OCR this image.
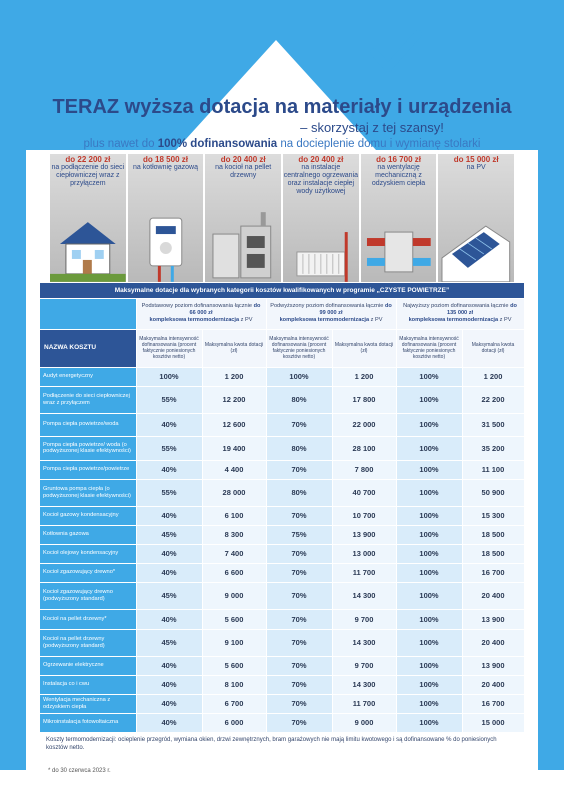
TERAZ wyższa dotacja na materiały i urządzenia
– skorzystaj z tej szansy!
plus nawet do 100% dofinansowania na docieplenie domu i wymianę stolarki
do 22 200 zł
na podłączenie do sieci ciepłowniczej wraz z przyłączem
do 18 500 zł
na kotłownię gazową
do 20 400 zł
na kocioł na pellet drzewny
do 20 400 zł
na instalacje centralnego ogrzewania oraz instalacje ciepłej wody użytkowej
do 16 700 zł
na wentylację mechaniczną z odzyskiem ciepła
do 15 000 zł
na PV
Maksymalne dotacje dla wybranych kategorii kosztów kwalifikowanych w programie „CZYSTE POWIETRZE”
	Podstawowy poziom dofinansowania łącznie do 66 000 zł
kompleksowa termomodernizacja z PV		Podwyższony poziom dofinansowania łącznie do 99 000 zł
kompleksowa termomodernizacja z PV		Najwyższy poziom dofinansowania łącznie do 135 000 zł
kompleksowa termomodernizacja z PV	
NAZWA KOSZTU	Maksymalna intensywność dofinansowania (procent faktycznie poniesionych kosztów netto)	Maksymalna kwota dotacji (zł)	Maksymalna intensywność dofinansowania (procent faktycznie poniesionych kosztów netto)	Maksymalna kwota dotacji (zł)	Maksymalna intensywność dofinansowania (procent faktycznie poniesionych kosztów netto)	Maksymalna kwota dotacji (zł)
Audyt energetyczny	100%	1 200	100%	1 200	100%	1 200
Podłączenie do sieci ciepłowniczej wraz z przyłączem	55%	12 200	80%	17 800	100%	22 200
Pompa ciepła powietrze/woda	40%	12 600	70%	22 000	100%	31 500
Pompa ciepła powietrze/ woda (o podwyższonej klasie efektywności)	55%	19 400	80%	28 100	100%	35 200
Pompa ciepła powietrze/powietrze	40%	4 400	70%	7 800	100%	11 100
Gruntowa pompa ciepła (o podwyższonej klasie efektywności)	55%	28 000	80%	40 700	100%	50 900
Kocioł gazowy kondensacyjny	40%	6 100	70%	10 700	100%	15 300
Kotłownia gazowa	45%	8 300	75%	13 900	100%	18 500
Kocioł olejowy kondensacyjny	40%	7 400	70%	13 000	100%	18 500
Kocioł zgazowujący drewno*	40%	6 600	70%	11 700	100%	16 700
Kocioł zgazowujący drewno (podwyższony standard)	45%	9 000	70%	14 300	100%	20 400
Kocioł na pellet drzewny*	40%	5 600	70%	9 700	100%	13 900
Kocioł na pellet drzewny (podwyższony standard)	45%	9 100	70%	14 300	100%	20 400
Ogrzewanie elektryczne	40%	5 600	70%	9 700	100%	13 900
Instalacja co i cwu	40%	8 100	70%	14 300	100%	20 400
Wentylacja mechaniczna z odzyskiem ciepła	40%	6 700	70%	11 700	100%	16 700
Mikroinstalacja fotowoltaiczna	40%	6 000	70%	9 000	100%	15 000
Koszty termomodernizacji: ocieplenie przegród, wymiana okien, drzwi zewnętrznych, bram garażowych nie mają limitu kwotowego i są dofinansowane % do poniesionych kosztów netto.
* do 30 czerwca 2023 r.
